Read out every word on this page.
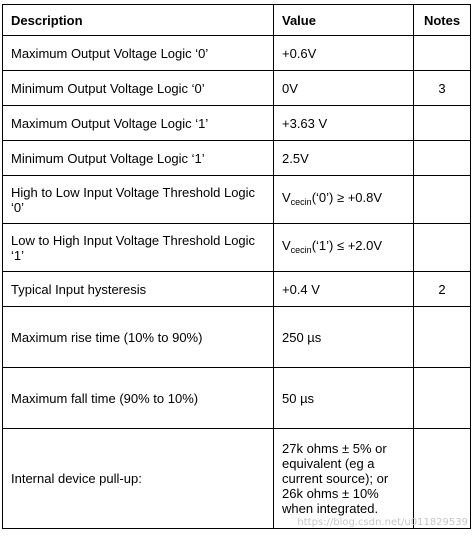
Description	Value	Notes
Maximum Output Voltage Logic ‘0’	+0.6V	
Minimum Output Voltage Logic ‘0’	0V	3
Maximum Output Voltage Logic ‘1’	+3.63 V	
Minimum Output Voltage Logic ‘1’	2.5V	
High to Low Input Voltage Threshold Logic ‘0’	$V_{cecin}(‘0’) \ge +0.8V$	
Low to High Input Voltage Threshold Logic ‘1’	$V_{cecin}(‘1’) \le +2.0V$	
Typical Input hysteresis	+0.4 V	2
Maximum rise time (10% to 90%)	250 µs	
Maximum fall time (90% to 10%)	50 µs	
Internal device pull-up:	27k ohms ± 5% or equivalent (eg a current source); or 26k ohms ± 10% when integrated.	
https://blog.csdn.net/u011829539
